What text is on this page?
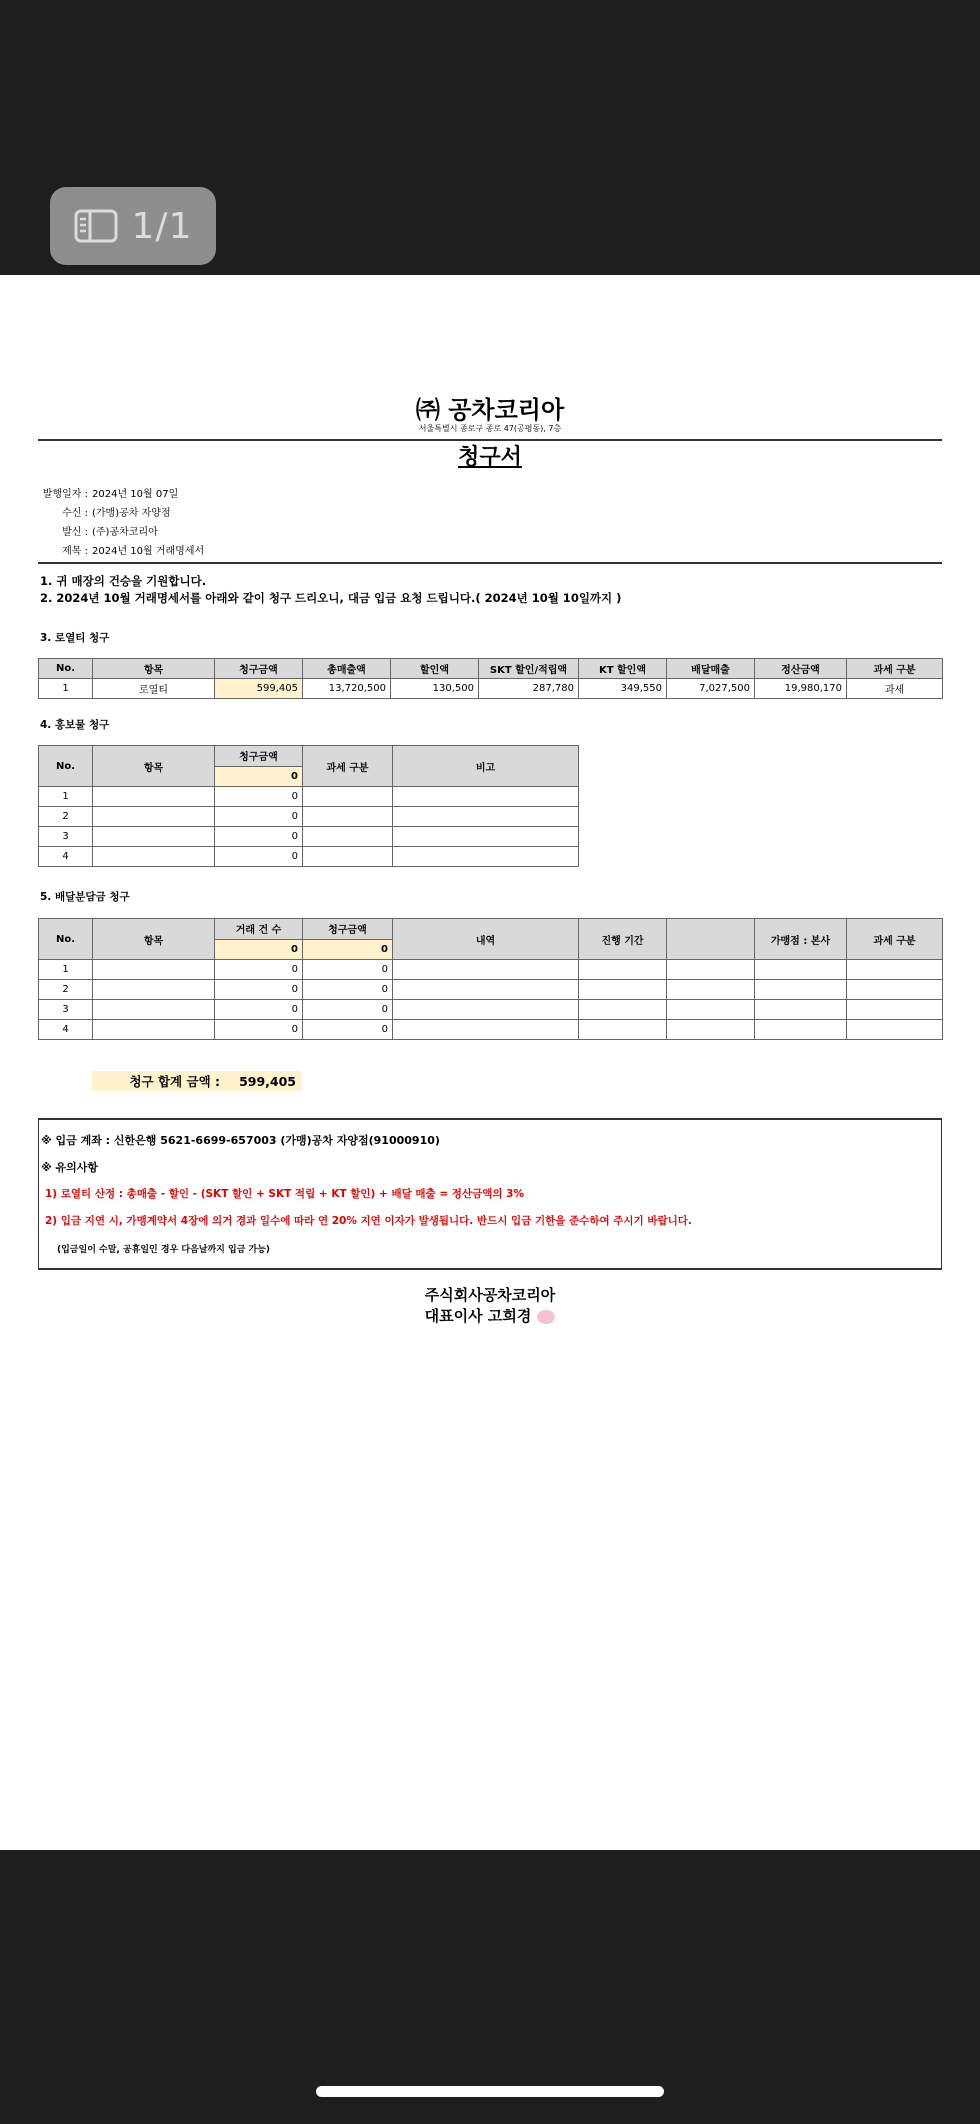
1/1
㈜ 공차코리아
서울특별시 종로구 종로 47(공평동), 7층
청구서
발행일자 : 2024년 10월 07일
수신 : (가맹)공차 자양점
발신 : (주)공차코리아
제목 : 2024년 10월 거래명세서
1. 귀 매장의 건승을 기원합니다.
2. 2024년 10월 거래명세서를 아래와 같이 청구 드리오니, 대금 입금 요청 드립니다.( 2024년 10월 10일까지 )
3. 로열티 청구
No.	항목	청구금액	총매출액	할인액	SKT 할인/적립액	KT 할인액	배달매출	정산금액	과세 구분
1	로열티	599,405	13,720,500	130,500	287,780	349,550	7,027,500	19,980,170	과세
4. 홍보물 청구
No.	항목	청구금액	과세 구분	비고
		0		
1		0		
2		0		
3		0		
4		0		
5. 배달분담금 청구
No.	항목	거래 건 수	청구금액	내역	진행 기간		가맹점 : 본사	과세 구분
		0	0					
1		0	0					
2		0	0					
3		0	0					
4		0	0					
청구 합계 금액 :	599,405
※ 입금 계좌 : 신한은행 5621-6699-657003 (가맹)공차 자양점(91000910)
※ 유의사항
1) 로열티 산정 : 총매출 - 할인 - (SKT 할인 + SKT 적립 + KT 할인) + 배달 매출 = 정산금액의 3%
2) 입금 지연 시, 가맹계약서 4장에 의거 경과 일수에 따라 연 20% 지연 이자가 발생됩니다. 반드시 입금 기한을 준수하여 주시기 바랍니다.
(입금일이 수말, 공휴일인 경우 다음날까지 입금 가능)
주식회사공차코리아
대표이사 고희경
